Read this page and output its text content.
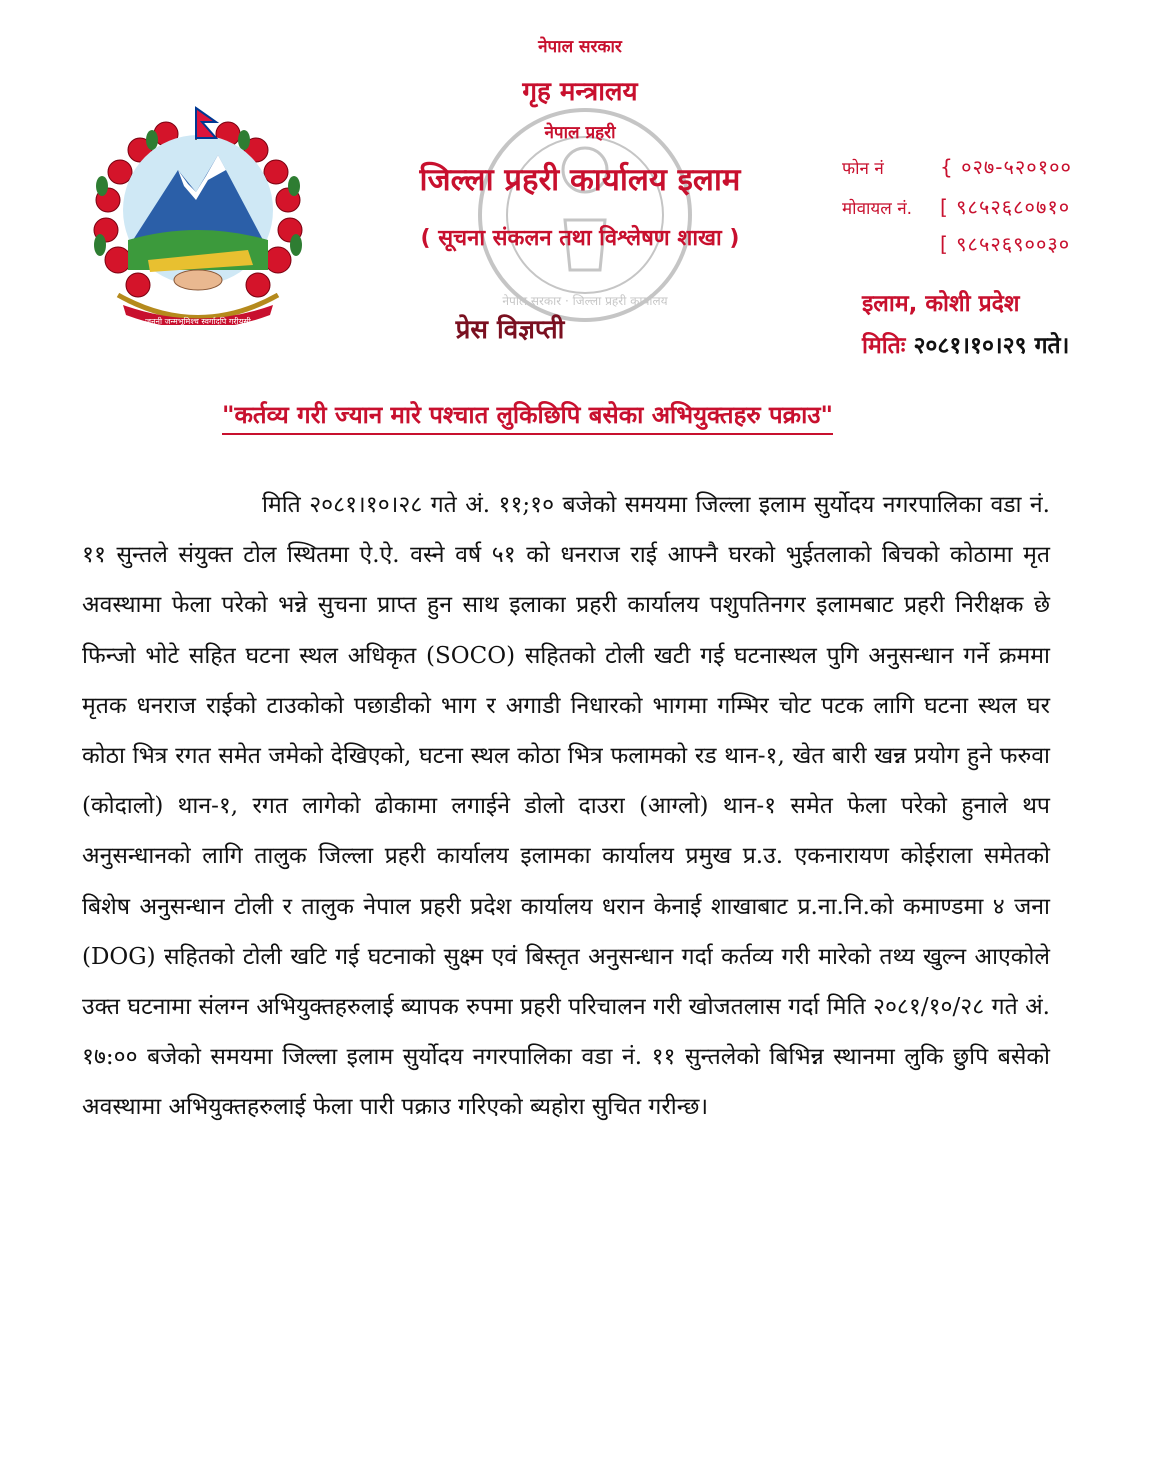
जननी जन्मभूमिश्च स्वर्गादपि गरीयसी
नेपाल सरकार · जिल्ला प्रहरी कार्यालय
नेपाल सरकार
गृह मन्त्रालय
नेपाल प्रहरी
जिल्ला प्रहरी कार्यालय इलाम
( सूचना संकलन तथा विश्लेषण शाखा )
प्रेस विज्ञप्ती
फोन नं	{ ०२७-५२०१००
मोवायल नं. [ ९८५२६८०७१०
[ ९८५२६९००३०
इलाम, कोशी प्रदेश
मितिः २०८१।१०।२९ गते।
"कर्तव्य गरी ज्यान मारे पश्चात लुकिछिपि बसेका अभियुक्तहरु पक्राउ"
मिति २०८१।१०।२८ गते अं. ११;१० बजेको समयमा जिल्ला इलाम सुर्योदय नगरपालिका वडा नं. ११ सुन्तले संयुक्त टोल स्थितमा ऐ.ऐ. वस्ने वर्ष ५१ को धनराज राई आफ्नै घरको भुईतलाको बिचको कोठामा मृत अवस्थामा फेला परेको भन्ने सुचना प्राप्त हुन साथ इलाका प्रहरी कार्यालय पशुपतिनगर इलामबाट प्रहरी निरीक्षक छे फिन्जो भोटे सहित घटना स्थल अधिकृत (SOCO) सहितको टोली खटी गई घटनास्थल पुगि अनुसन्धान गर्ने क्रममा मृतक धनराज राईको टाउकोको पछाडीको भाग र अगाडी निधारको भागमा गम्भिर चोट पटक लागि घटना स्थल घर कोठा भित्र रगत समेत जमेको देखिएको, घटना स्थल कोठा भित्र फलामको रड थान-१, खेत बारी खन्न प्रयोग हुने फरुवा (कोदालो) थान-१, रगत लागेको ढोकामा लगाईने डोलो दाउरा (आग्लो) थान-१ समेत फेला परेको हुनाले थप अनुसन्धानको लागि तालुक जिल्ला प्रहरी कार्यालय इलामका कार्यालय प्रमुख प्र.उ. एकनारायण कोईराला समेतको बिशेष अनुसन्धान टोली र तालुक नेपाल प्रहरी प्रदेश कार्यालय धरान केनाई शाखाबाट प्र.ना.नि.को कमाण्डमा ४ जना (DOG) सहितको टोली खटि गई घटनाको सुक्ष्म एवं बिस्तृत अनुसन्धान गर्दा कर्तव्य गरी मारेको तथ्य खुल्न आएकोले उक्त घटनामा संलग्न अभियुक्तहरुलाई ब्यापक रुपमा प्रहरी परिचालन गरी खोजतलास गर्दा मिति २०८१/१०/२८ गते अं. १७:०० बजेको समयमा जिल्ला इलाम सुर्योदय नगरपालिका वडा नं. ११ सुन्तलेको बिभिन्न स्थानमा लुकि छुपि बसेको अवस्थामा अभियुक्तहरुलाई फेला पारी पक्राउ गरिएको ब्यहोरा सुचित गरीन्छ।
